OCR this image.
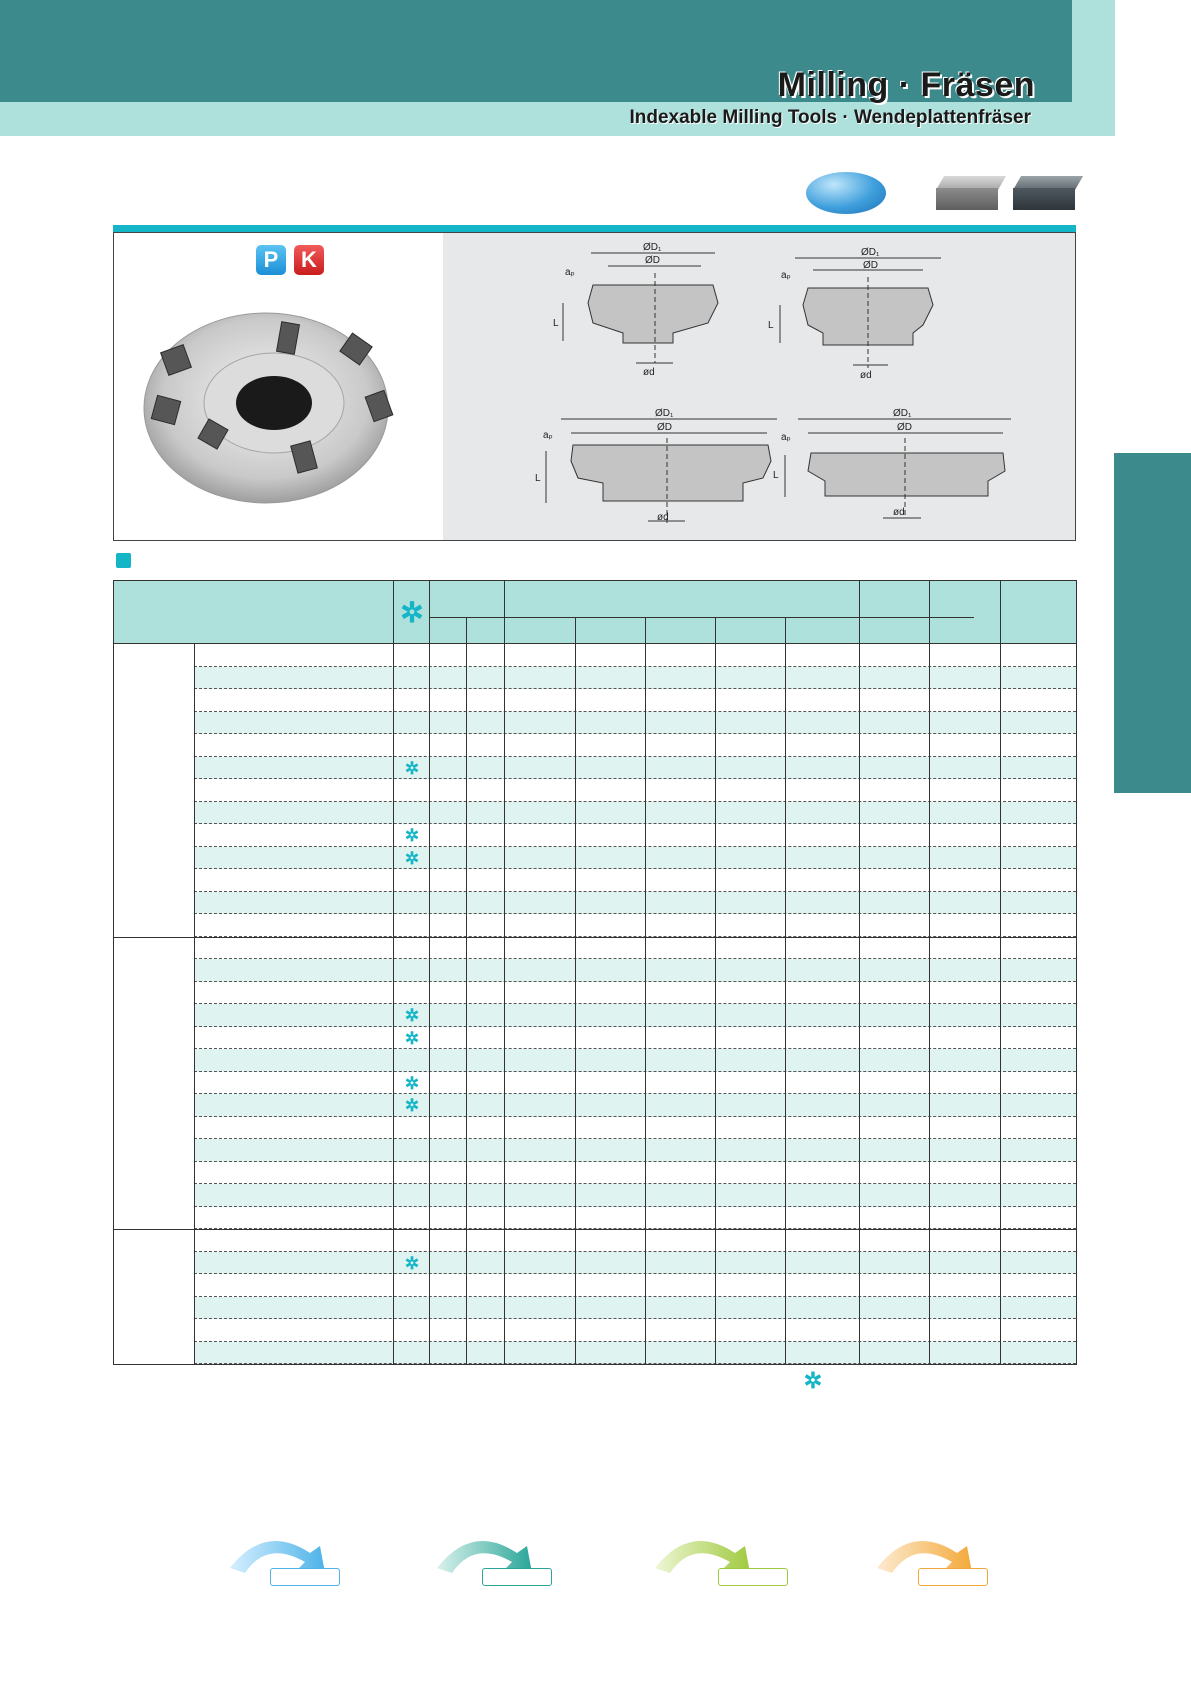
Milling · Fräsen
Indexable Milling Tools · Wendeplattenfräser
P	K	ØD₁
ØD
aₚ
L
ød
ØD₁
ØD
aₚ
L
ød
ØD₁
ØD
aₚ
L
ød
ØD₁
ØD
aₚ
L
ød
✲
✲
✲
✲
✲
✲
✲
✲
✲
✲
